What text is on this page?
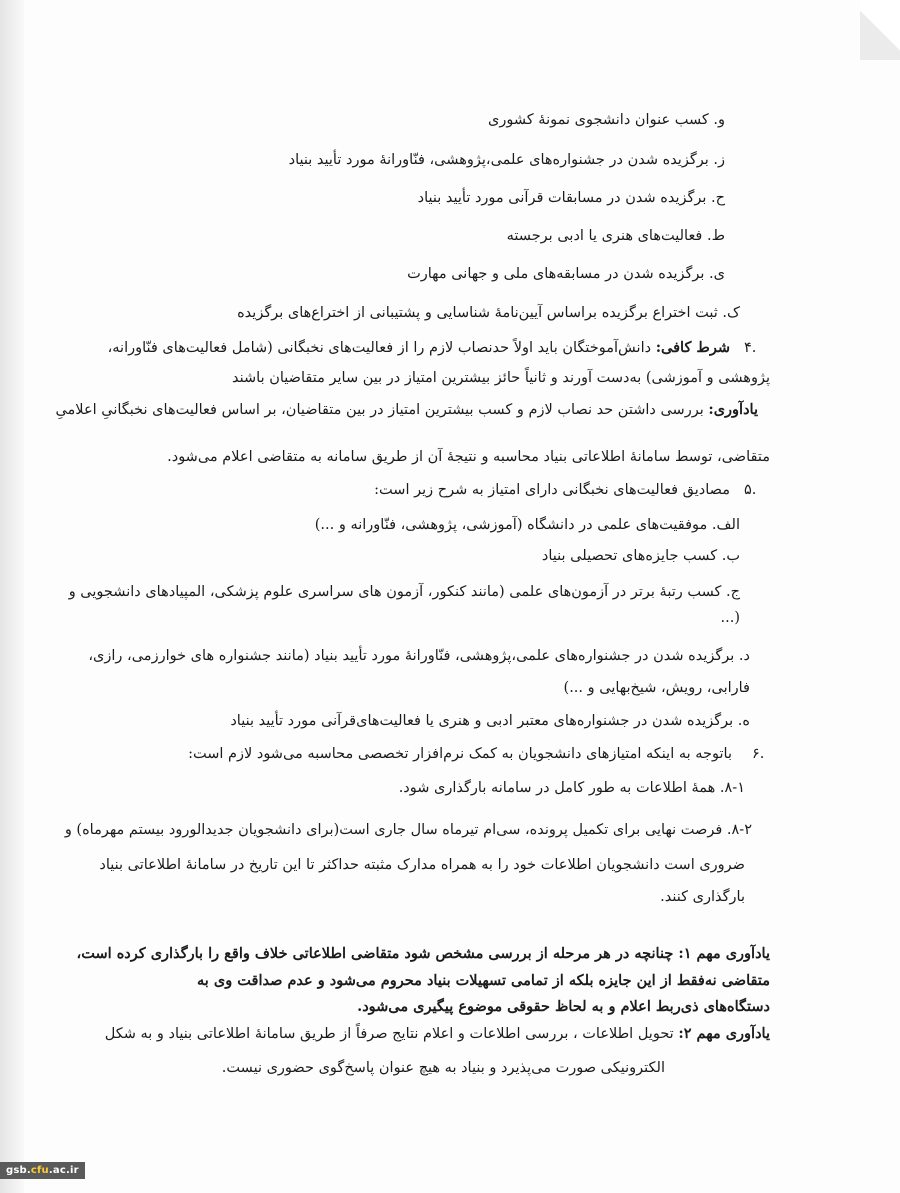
و. کسب عنوان دانشجوی نمونهٔ کشوری
ز. برگزیده شدن در جشنوارەهای علمی،پژوهشی، فنّاورانهٔ مورد تأیید بنیاد
ح. برگزیده شدن در مسابقات قرآنی مورد تأیید بنیاد
ط. فعالیت‌های هنری یا ادبی برجسته
ی. برگزیده شدن در مسابقه‌های ملی و جهانی مهارت
ک. ثبت اختراع برگزیده براساس آیین‌نامهٔ شناسایی و پشتیبانی از اختراع‌های برگزیده
۴.
شرط کافی: دانش‌آموختگان باید اولاً حدنصاب لازم را از فعالیت‌های نخبگانی (شامل فعالیت‌های فنّاورانه،
پژوهشی و آموزشی) به‌دست آورند و ثانیاً حائز بیشترین امتیاز در بین سایر متقاضیان باشند
یادآوری: بررسی داشتن حد نصاب لازم و کسب بیشترین امتیاز در بین متقاضیان، بر اساس فعالیت‌های نخبگانیِ اعلامیِ
متقاضی، توسط سامانهٔ اطلاعاتی بنیاد محاسبه و نتیجهٔ آن از طریق سامانه به متقاضی اعلام می‌شود.
۵.
مصادیق فعالیت‌های نخبگانی دارای امتیاز به شرح زیر است:
الف. موفقیت‌های علمی در دانشگاه (آموزشی، پژوهشی، فنّاورانه و ...)
ب. کسب جایزه‌های تحصیلی بنیاد
ج. کسب رتبهٔ برتر در آزمون‌های علمی (مانند کنکور، آزمون های سراسری علوم پزشکی، المپیادهای دانشجویی و
(...
د. برگزیده شدن در جشنوارەهای علمی،پژوهشی، فنّاورانهٔ مورد تأیید بنیاد (مانند جشنواره های خوارزمی، رازی،
فارابی، رویش، شیخ‌بهایی و ...)
ه. برگزیده شدن در جشنوارەهای معتبر ادبی و هنری یا فعالیت‌های‌قرآنی مورد تأیید بنیاد
۶.
باتوجه به اینکه امتیازهای دانشجویان به کمک نرم‌افزار تخصصی محاسبه می‌شود لازم است:
۸-۱. همهٔ اطلاعات به طور کامل در سامانه بارگذاری شود.
۸-۲. فرصت نهایی برای تکمیل پرونده، سی‌ام تیرماه سال جاری است(برای دانشجویان جدیدالورود بیستم مهرماه) و
ضروری است دانشجویان اطلاعات خود را به همراه مدارک مثبته حداکثر تا این تاریخ در سامانهٔ اطلاعاتی بنیاد
بارگذاری کنند.
یادآوری مهم ۱: چنانچه در هر مرحله از بررسی مشخص شود متقاضی اطلاعاتی خلاف واقع را بارگذاری کرده است،
متقاضی نه‌فقط از این جایزه بلکه از تمامی تسهیلات بنیاد محروم می‌شود و عدم صداقت وی به
دستگاه‌های ذی‌ربط اعلام و به لحاظ حقوقی موضوع پیگیری می‌شود.
یادآوری مهم ۲: تحویل اطلاعات ، بررسی اطلاعات و اعلام نتایج صرفاً از طریق سامانهٔ اطلاعاتی بنیاد و به شکل
الکترونیکی صورت می‌پذیرد و بنیاد به هیچ عنوان پاسخ‌گوی حضوری نیست.
gsb.cfu.ac.ir
